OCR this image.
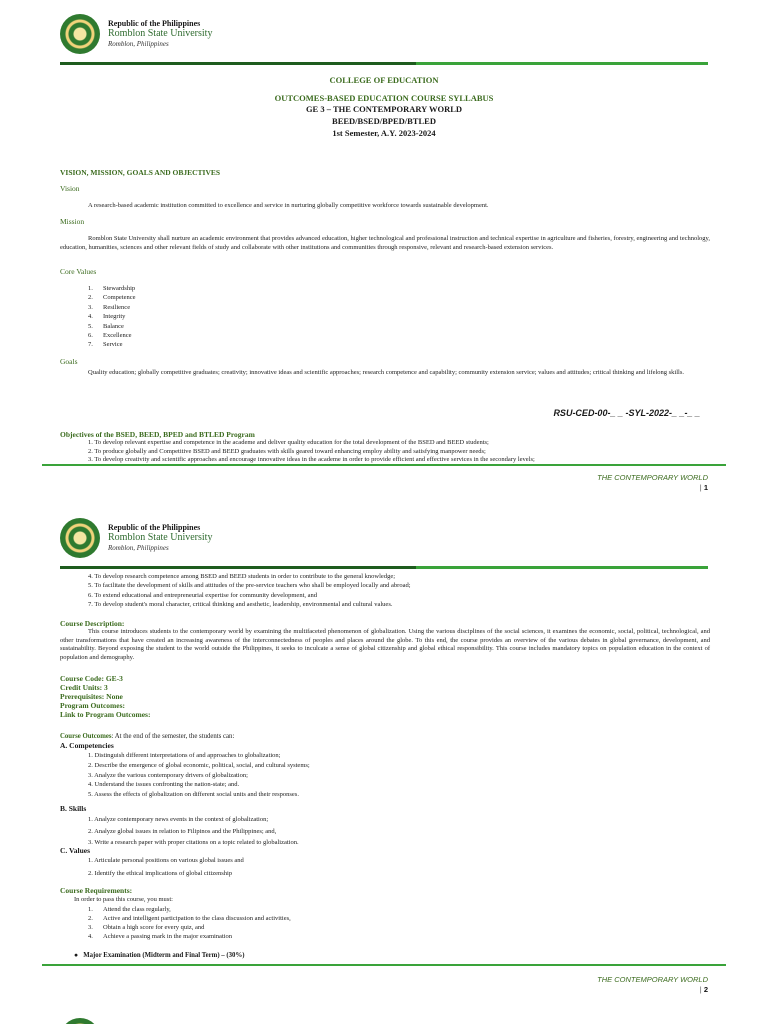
Republic of the Philippines
Romblon State University
Romblon, Philippines
COLLEGE OF EDUCATION
OUTCOMES-BASED EDUCATION COURSE SYLLABUS
GE 3 – THE CONTEMPORARY WORLD
BEED/BSED/BPED/BTLED
1st Semester, A.Y. 2023-2024
VISION, MISSION, GOALS AND OBJECTIVES
Vision
A research-based academic institution committed to excellence and service in nurturing globally competitive workforce towards sustainable development.
Mission
Romblon State University shall nurture an academic environment that provides advanced education, higher technological and professional instruction and technical expertise in agriculture and fisheries, forestry, engineering and technology, education, humanities, sciences and other relevant fields of study and collaborate with other institutions and communities through responsive, relevant and research-based extension services.
Core Values
1. Stewardship
2. Competence
3. Resilience
4. Integrity
5. Balance
6. Excellence
7. Service
Goals
Quality education; globally competitive graduates; creativity; innovative ideas and scientific approaches; research competence and capability; community extension service; values and attitudes; critical thinking and lifelong skills.
RSU-CED-00-_ _ -SYL-2022-_ _-_ _
Objectives of the BSED, BEED, BPED and BTLED Program
1. To develop relevant expertise and competence in the academe and deliver quality education for the total development of the BSED and BEED students;
2. To produce globally and Competitive BSED and BEED graduates with skills geared toward enhancing employ ability and satisfying manpower needs;
3. To develop creativity and scientific approaches and encourage innovative ideas in the academe in order to provide efficient and effective services in the secondary levels;
THE CONTEMPORARY WORLD
| 1
Republic of the Philippines
Romblon State University
Romblon, Philippines
4. To develop research competence among BSED and BEED students in order to contribute to the general knowledge;
5. To facilitate the development of skills and attitudes of the pre-service teachers who shall be employed locally and abroad;
6. To extend educational and entrepreneurial expertise for community development, and
7. To develop student's moral character, critical thinking and aesthetic, leadership, environmental and cultural values.
Course Description:
This course introduces students to the contemporary world by examining the multifaceted phenomenon of globalization. Using the various disciplines of the social sciences, it examines the economic, social, political, technological, and other transformations that have created an increasing awareness of the interconnectedness of peoples and places around the globe. To this end, the course provides an overview of the various debates in global governance, development, and sustainability. Beyond exposing the student to the world outside the Philippines, it seeks to inculcate a sense of global citizenship and global ethical responsibility. This course includes mandatory topics on population education in the context of population and demography.
Course Code: GE-3
Credit Units: 3
Prerequisites: None
Program Outcomes:
Link to Program Outcomes:
Course Outcomes: At the end of the semester, the students can:
A. Competencies
1. Distinguish different interpretations of and approaches to globalization;
2. Describe the emergence of global economic, political, social, and cultural systems;
3. Analyze the various contemporary drivers of globalization;
4. Understand the issues confronting the nation-state; and.
5. Assess the effects of globalization on different social units and their responses.
B. Skills
1. Analyze contemporary news events in the context of globalization;
2. Analyze global issues in relation to Filipinos and the Philippines; and,
3. Write a research paper with proper citations on a topic related to globalization.
C. Values
1. Articulate personal positions on various global issues and
2. Identify the ethical implications of global citizenship
Course Requirements:
In order to pass this course, you must:
1. Attend the class regularly,
2. Active and intelligent participation to the class discussion and activities,
3. Obtain a high score for every quiz, and
4. Achieve a passing mark in the major examination
● Major Examination (Midterm and Final Term) – (30%)
THE CONTEMPORARY WORLD
| 2
